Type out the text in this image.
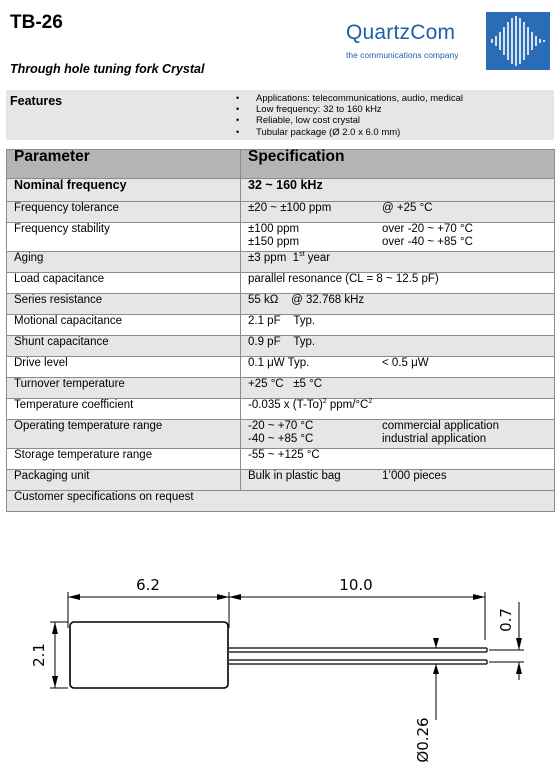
TB-26
Through hole tuning fork Crystal
QuartzCom
the communications company
Features	• Applications: telecommunications, audio, medical
• Low frequency: 32 to 160 kHz
• Reliable, low cost crystal
• Tubular package (Ø 2.0 x 6.0 mm)
Parameter	Specification
Nominal frequency	32 ~ 160 kHz
Frequency tolerance	±20 ~ ±100 ppm @ +25 °C
Frequency stability	±100 ppm over -20 ~ +70 °C
±150 ppm over -40 ~ +85 °C

Aging	±3 ppm 1st year
Load capacitance	parallel resonance (CL = 8 ~ 12.5 pF)
Series resistance	55 kΩ @ 32.768 kHz
Motional capacitance	2.1 pF Typ.
Shunt capacitance	0.9 pF Typ.
Drive level	0.1 μW Typ. < 0.5 μW
Turnover temperature	+25 °C ±5 °C
Temperature coefficient	-0.035 x $(T-To)^2$ ppm/$^\circ C^2$
Operating temperature range	-20 ~ +70 °C commercial application
-40 ~ +85 °C industrial application

Storage temperature range	-55 ~ +125 °C
Packaging unit	Bulk in plastic bag 1’000 pieces
Customer specifications on request	
6.2	10.0
2.1
0.7
Ø0.26
